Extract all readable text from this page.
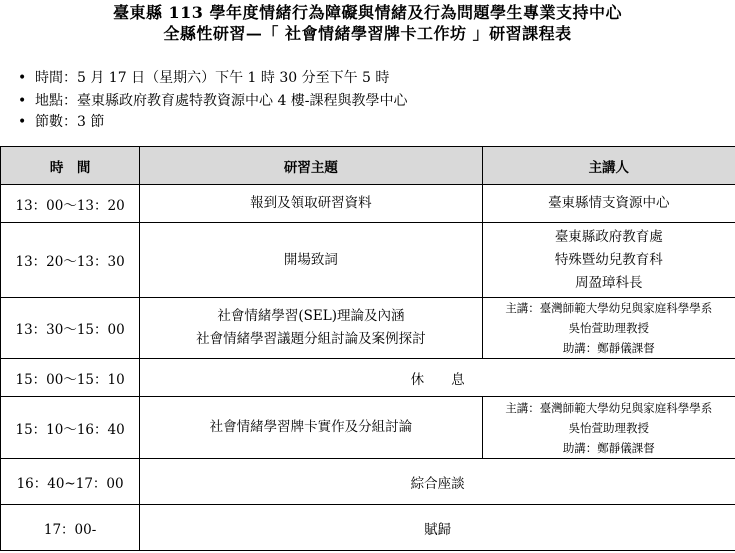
臺東縣 113 學年度情緒行為障礙與情緒及行為問題學生專業支持中心
全縣性研習—「 社會情緒學習牌卡工作坊 」研習課程表
• 時間：5 月 17 日（星期六）下午 1 時 30 分至下午 5 時
• 地點：臺東縣政府教育處特教資源中心 4 樓-課程與教學中心
• 節數：3 節
時　間	研習主題	主講人
13：00～13：20	報到及領取研習資料	臺東縣情支資源中心

13：20～13：30	開場致詞	臺東縣政府教育處
特殊暨幼兒教育科
周盈璋科長

13：30～15：00	社會情緒學習(SEL)理論及內涵
社會情緒學習議題分組討論及案例探討	主講：臺灣師範大學幼兒與家庭科學學系
吳怡萱助理教授
助講：鄭靜儀課督

15：00～15：10	休　　息	
15：10～16：40	社會情緒學習牌卡實作及分組討論	主講：臺灣師範大學幼兒與家庭科學學系
吳怡萱助理教授
助講：鄭靜儀課督

16：40~17：00	綜合座談	
17：00-	賦歸	
